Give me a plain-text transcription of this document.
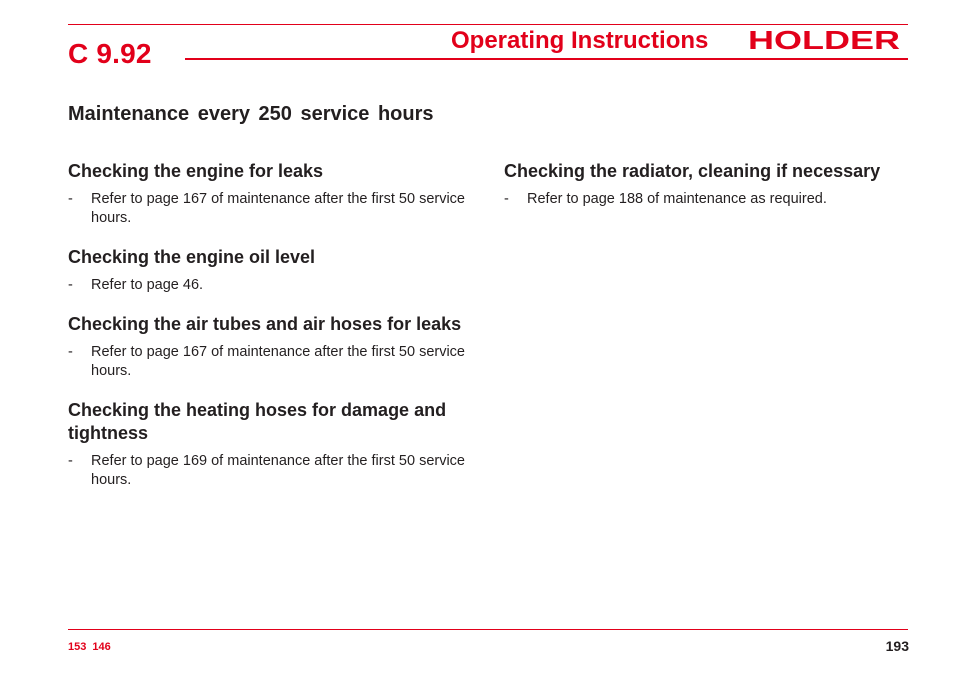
C 9.92	Operating Instructions HOLDER
Maintenance every 250 service hours
Checking the engine for leaks
-	Refer to page 167 of maintenance after the first 50 service hours.
Checking the engine oil level
-	Refer to page 46.
Checking the air tubes and air hoses for leaks
-	Refer to page 167 of maintenance after the first 50 service hours.
Checking the heating hoses for damage and tightness
-	Refer to page 169 of maintenance after the first 50 service hours.
Checking the radiator, cleaning if necessary
-	Refer to page 188 of maintenance as required.
153 146	193
